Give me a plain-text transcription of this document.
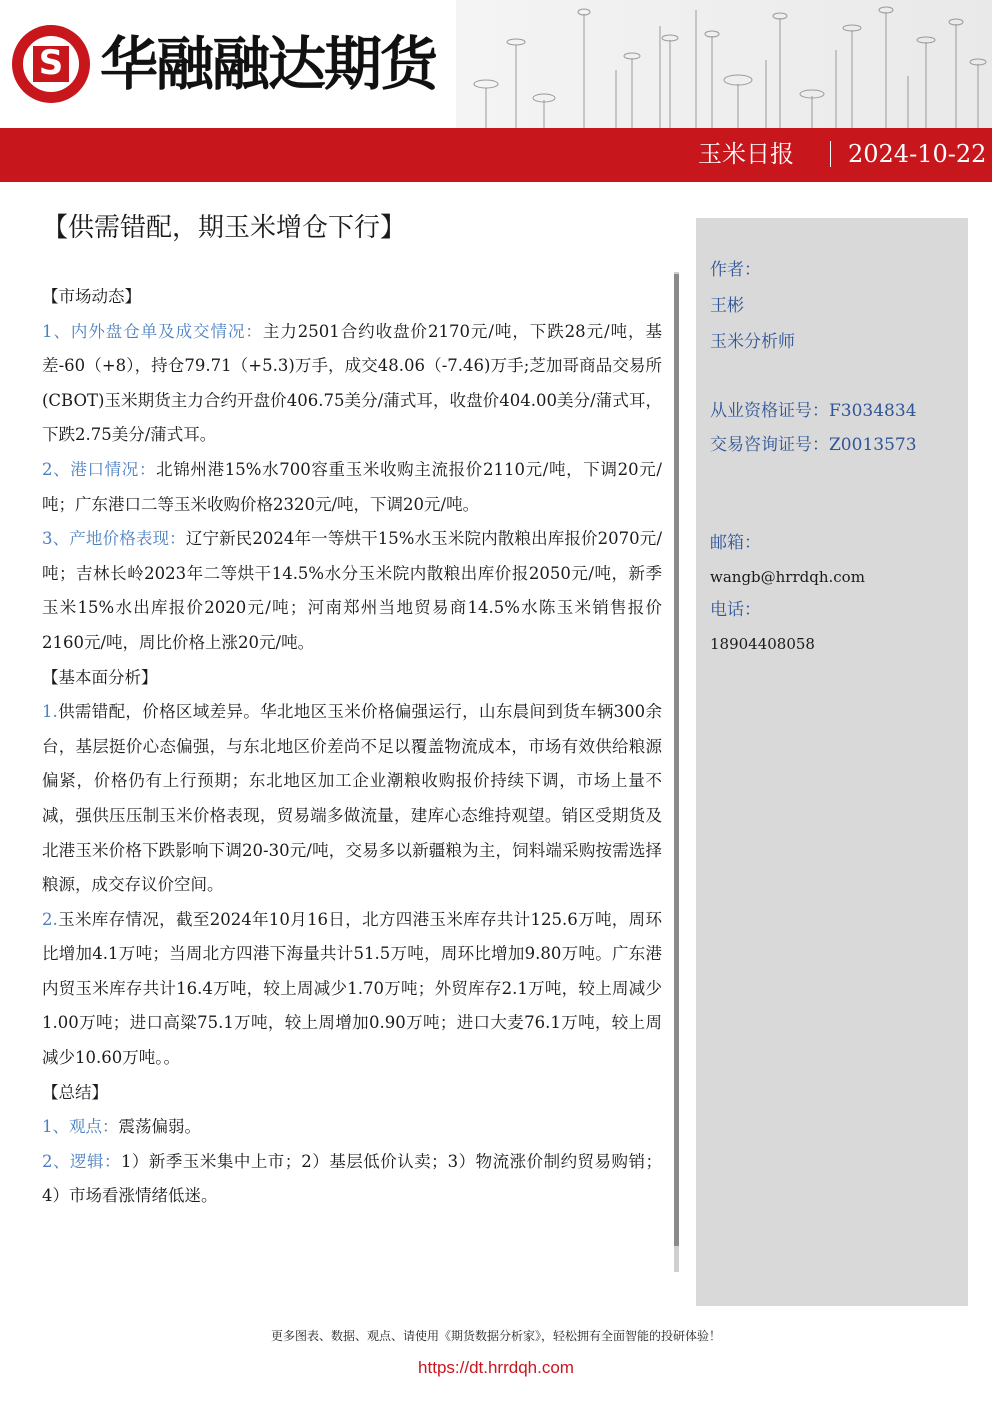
S 华融融达期货
玉米日报 2024-10-22
【供需错配，期玉米增仓下行】
【市场动态】

1、内外盘仓单及成交情况：主力2501合约收盘价2170元/吨，下跌28元/吨，基差-60（+8），持仓79.71（+5.3)万手，成交48.06（-7.46)万手;芝加哥商品交易所(CBOT)玉米期货主力合约开盘价406.75美分/蒲式耳，收盘价404.00美分/蒲式耳，下跌2.75美分/蒲式耳。

2、港口情况：北锦州港15%水700容重玉米收购主流报价2110元/吨，下调20元/吨；广东港口二等玉米收购价格2320元/吨，下调20元/吨。

3、产地价格表现：辽宁新民2024年一等烘干15%水玉米院内散粮出库报价2070元/吨；吉林长岭2023年二等烘干14.5%水分玉米院内散粮出库价报2050元/吨，新季玉米15%水出库报价2020元/吨；河南郑州当地贸易商14.5%水陈玉米销售报价2160元/吨，周比价格上涨20元/吨。

【基本面分析】

1.供需错配，价格区域差异。华北地区玉米价格偏强运行，山东晨间到货车辆300余台，基层挺价心态偏强，与东北地区价差尚不足以覆盖物流成本，市场有效供给粮源偏紧，价格仍有上行预期；东北地区加工企业潮粮收购报价持续下调，市场上量不减，强供压压制玉米价格表现，贸易端多做流量，建库心态维持观望。销区受期货及北港玉米价格下跌影响下调20-30元/吨，交易多以新疆粮为主，饲料端采购按需选择粮源，成交存议价空间。

2.玉米库存情况，截至2024年10月16日，北方四港玉米库存共计125.6万吨，周环比增加4.1万吨；当周北方四港下海量共计51.5万吨，周环比增加9.80万吨。广东港内贸玉米库存共计16.4万吨，较上周减少1.70万吨；外贸库存2.1万吨，较上周减少1.00万吨；进口高粱75.1万吨，较上周增加0.90万吨；进口大麦76.1万吨，较上周减少10.60万吨。。

【总结】

1、观点：震荡偏弱。

2、逻辑：1）新季玉米集中上市；2）基层低价认卖；3）物流涨价制约贸易购销；4）市场看涨情绪低迷。

作者：
王彬
玉米分析师
从业资格证号：F3034834
交易咨询证号：Z0013573
邮箱：
wangb@hrrdqh.com
电话：
18904408058
更多图表、数据、观点、请使用《期货数据分析家》，轻松拥有全面智能的投研体验！
https://dt.hrrdqh.com
